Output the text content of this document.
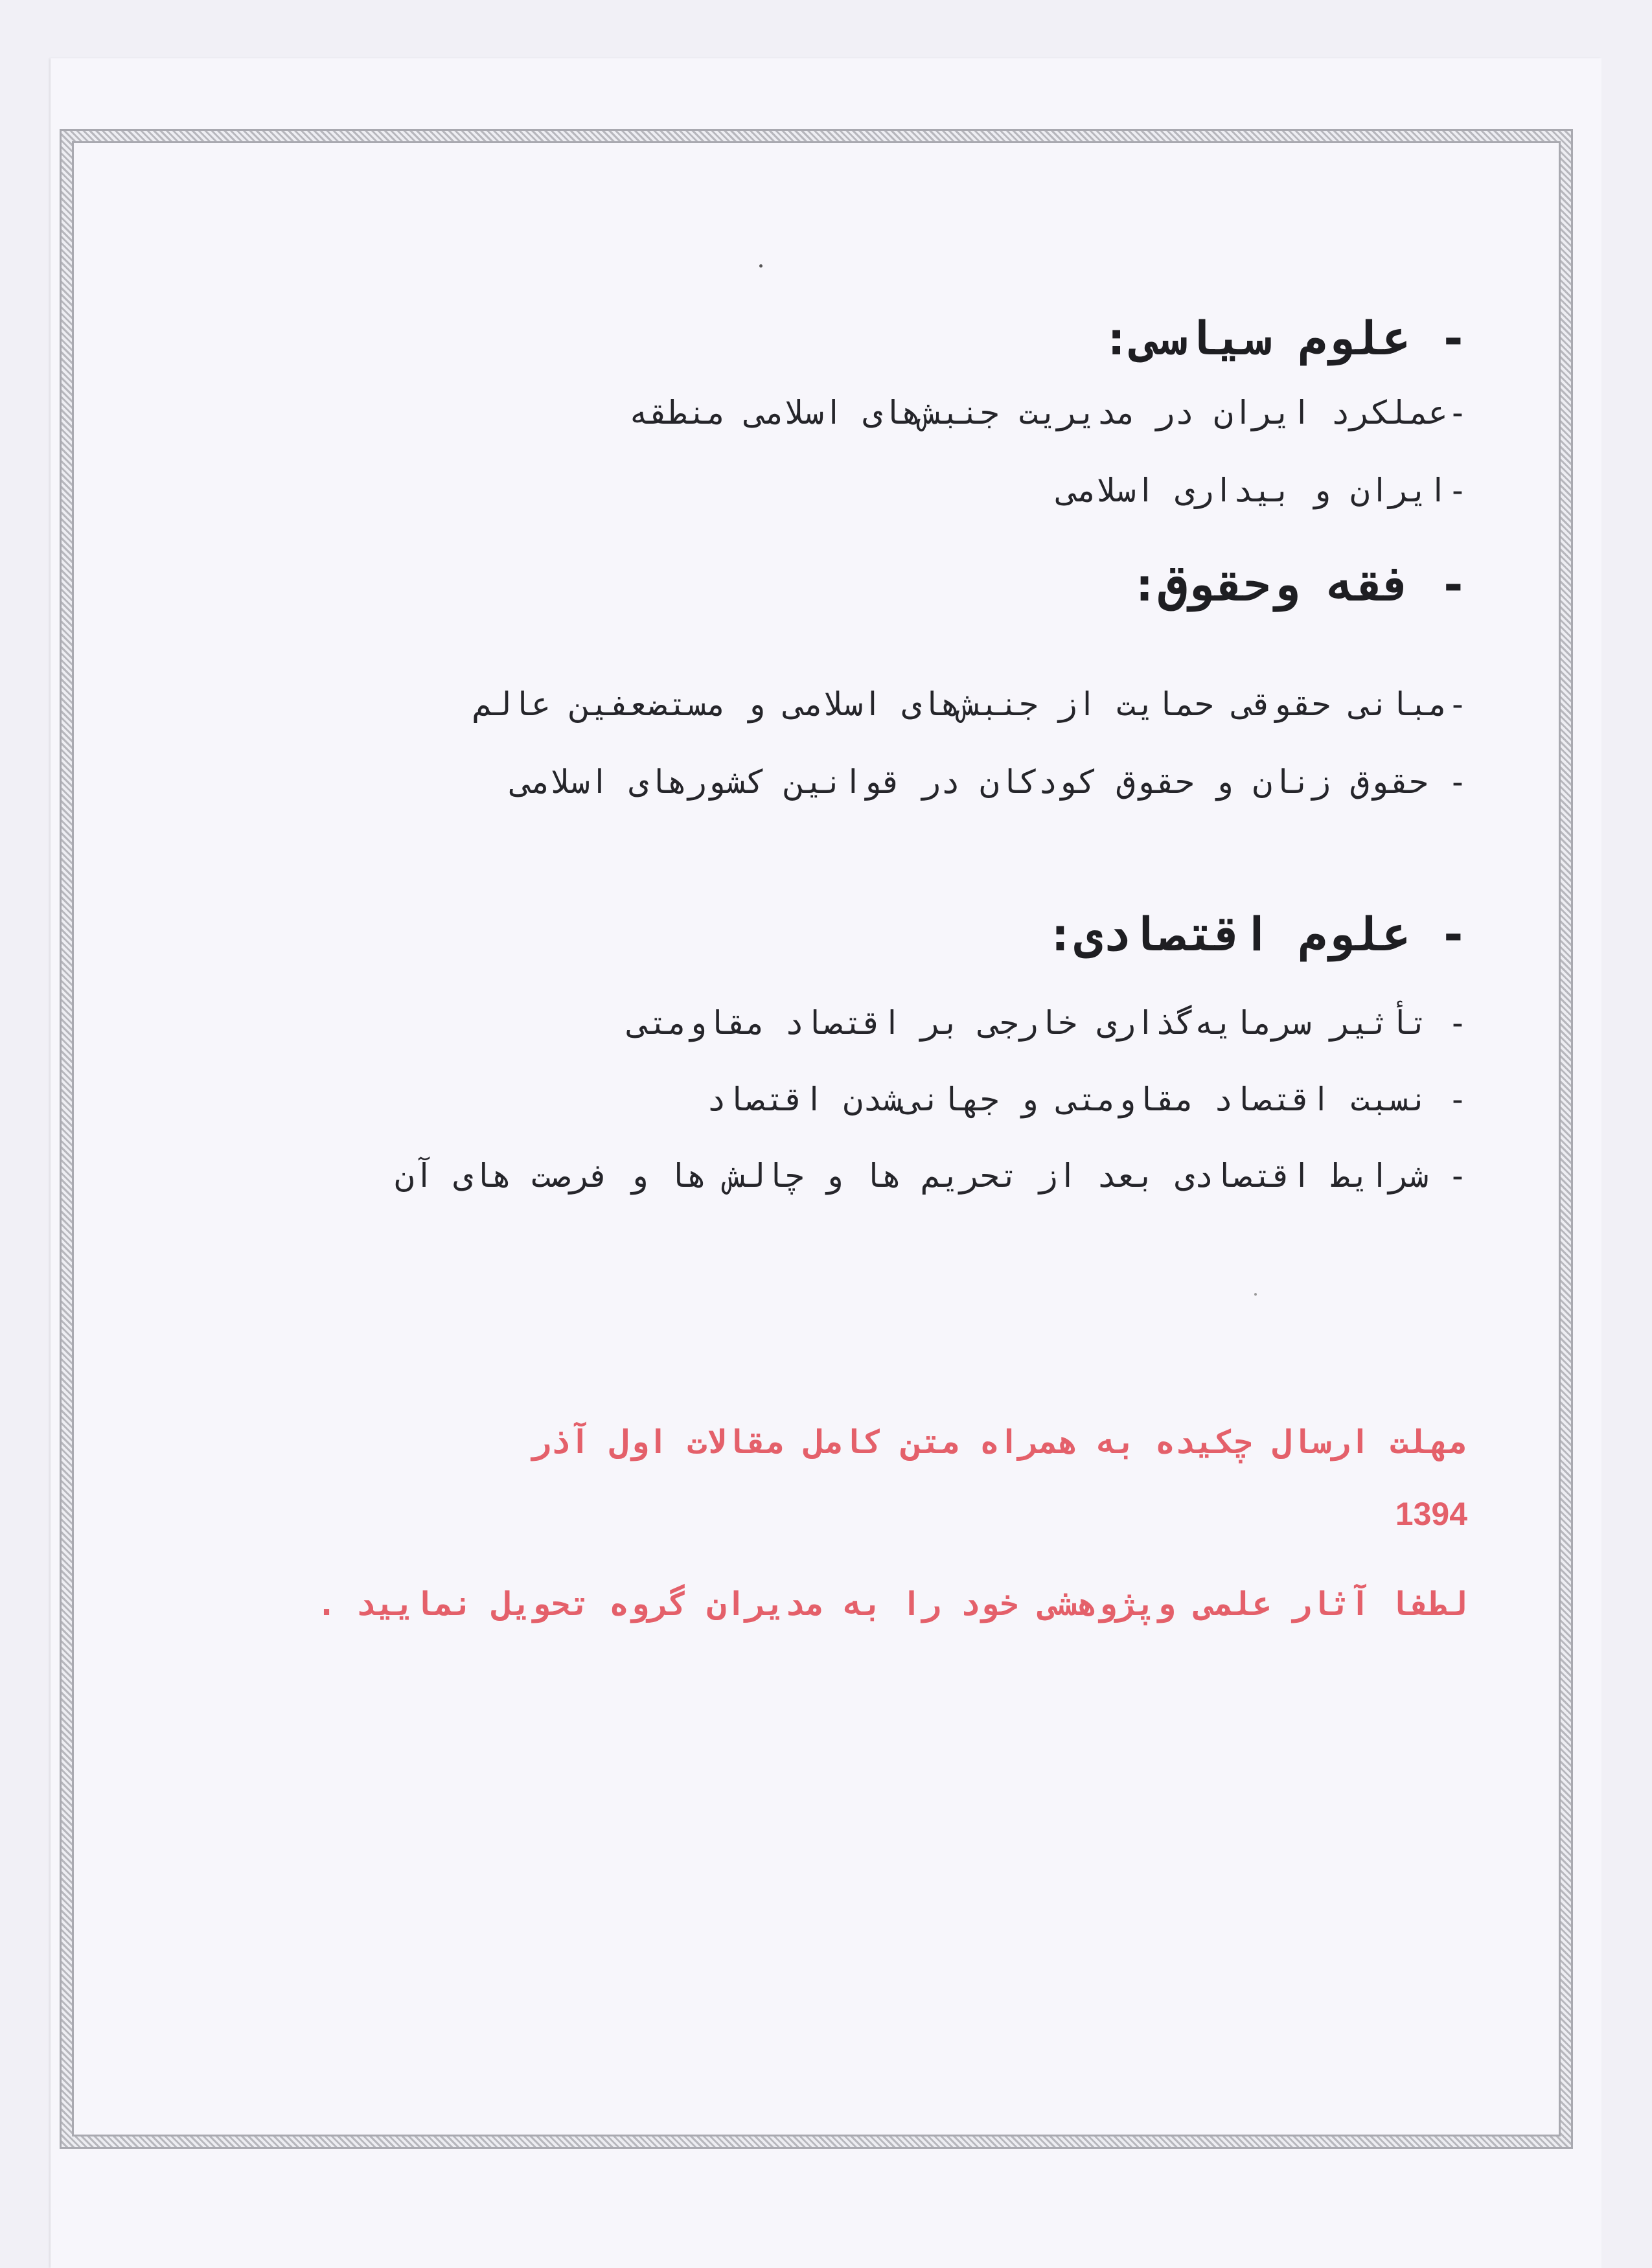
- علوم سیاسی:
-عملکرد ایران در مدیریت جنبش‌های اسلامی منطقه
-ایران و بیداری اسلامی
- فقه وحقوق:
-مبانی حقوقی حمایت از جنبش‌های اسلامی و مستضعفین عالم
- حقوق زنان و حقوق کودکان در قوانین کشورهای اسلامی
- علوم اقتصادی:
- تأثیر سرمایه‌گذاری خارجی بر اقتصاد مقاومتی
- نسبت اقتصاد مقاومتی و جهانی‌شدن اقتصاد
- شرایط اقتصادی بعد از تحریم ها و چالش ها و فرصت های آن
مهلت ارسال چکیده به همراه متن کامل مقالات اول آذر
1394
لطفا آثار علمی وپژوهشی خود را به مدیران گروه تحویل نمایید .
